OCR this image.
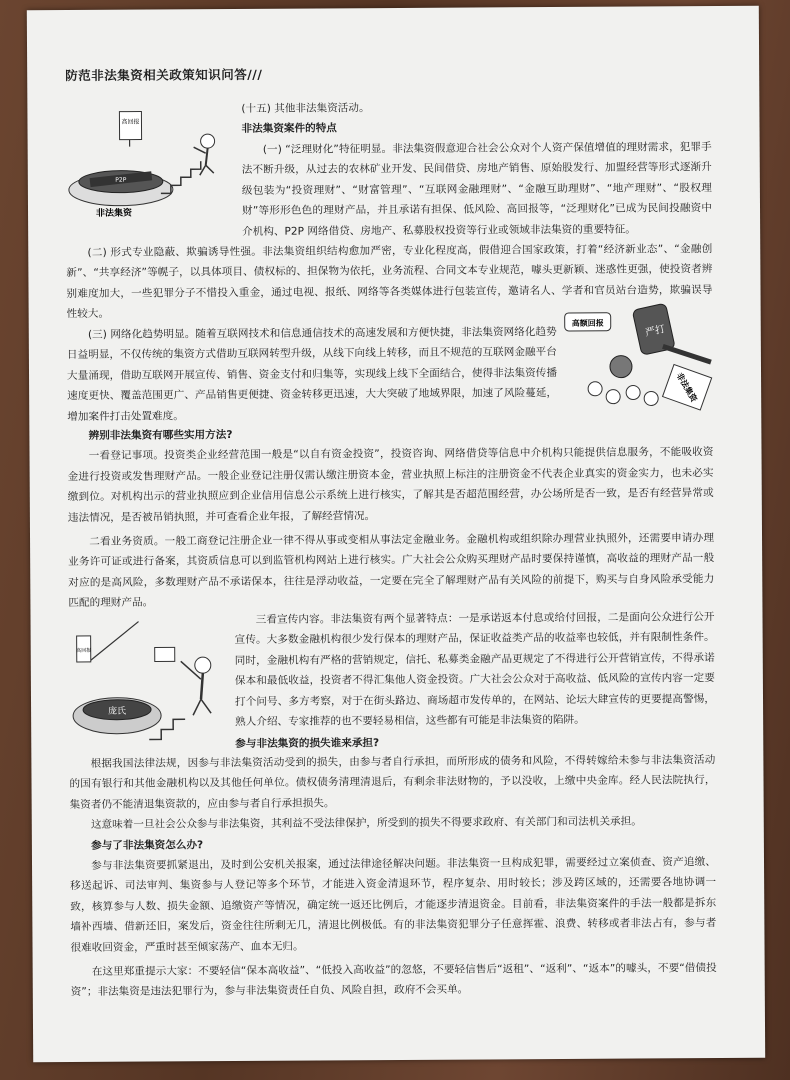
防范非法集资相关政策知识问答///
P2P
高回报
非法集资

(十五) 其他非法集资活动。

非法集资案件的特点

(一) “泛理财化”特征明显。非法集资假意迎合社会公众对个人资产保值增值的理财需求，犯罪手法不断升级，从过去的农林矿业开发、民间借贷、房地产销售、原始股发行、加盟经营等形式逐渐升级包装为“投资理财”、“财富管理”、“互联网金融理财”、“金融互助理财”、“地产理财”、“股权理财”等形形色色的理财产品，并且承诺有担保、低风险、高回报等，“泛理财化”已成为民间投融资中介机构、P2P 网络借贷、房地产、私募股权投资等行业或领域非法集资的重要特征。

(二) 形式专业隐蔽、欺骗诱导性强。非法集资组织结构愈加严密，专业化程度高，假借迎合国家政策，打着“经济新业态”、“金融创新”、“共享经济”等幌子，以具体项目、债权标的、担保物为依托，业务流程、合同文本专业规范，噱头更新颖、迷惑性更强，使投资者辨别难度加大，一些犯罪分子不惜投入重金，通过电视、报纸、网络等各类媒体进行包装宣传，邀请名人、学者和官员站台造势，欺骗误导性较大。

高额回报
严打
非法集资

(三) 网络化趋势明显。随着互联网技术和信息通信技术的高速发展和方便快捷，非法集资网络化趋势日益明显，不仅传统的集资方式借助互联网转型升级，从线下向线上转移，而且不规范的互联网金融平台大量涌现，借助互联网开展宣传、销售、资金支付和归集等，实现线上线下全面结合，使得非法集资传播速度更快、覆盖范围更广、产品销售更便捷、资金转移更迅速，大大突破了地域界限，加速了风险蔓延，增加案件打击处置难度。

辨别非法集资有哪些实用方法?

一看登记事项。投资类企业经营范围一般是“以自有资金投资”，投资咨询、网络借贷等信息中介机构只能提供信息服务，不能吸收资金进行投资或发售理财产品。一般企业登记注册仅需认缴注册资本金，营业执照上标注的注册资金不代表企业真实的资金实力，也未必实缴到位。对机构出示的营业执照应到企业信用信息公示系统上进行核实，了解其是否超范围经营，办公场所是否一致，是否有经营异常或违法情况，是否被吊销执照，并可查看企业年报，了解经营情况。

二看业务资质。一般工商登记注册企业一律不得从事或变相从事法定金融业务。金融机构或组织除办理营业执照外，还需要申请办理业务许可证或进行备案，其资质信息可以到监管机构网站上进行核实。广大社会公众购买理财产品时要保持谨慎，高收益的理财产品一般对应的是高风险，多数理财产品不承诺保本，往往是浮动收益，一定要在完全了解理财产品有关风险的前提下，购买与自身风险承受能力匹配的理财产品。

高回报
庞氏

三看宣传内容。非法集资有两个显著特点：一是承诺返本付息或给付回报，二是面向公众进行公开宣传。大多数金融机构很少发行保本的理财产品，保证收益类产品的收益率也较低，并有限制性条件。同时，金融机构有严格的营销规定，信托、私募类金融产品更规定了不得进行公开营销宣传，不得承诺保本和最低收益，投资者不得汇集他人资金投资。广大社会公众对于高收益、低风险的宣传内容一定要打个问号、多方考察，对于在街头路边、商场超市发传单的，在网站、论坛大肆宣传的更要提高警惕，熟人介绍、专家推荐的也不要轻易相信，这些都有可能是非法集资的陷阱。

参与非法集资的损失谁来承担?

根据我国法律法规，因参与非法集资活动受到的损失，由参与者自行承担，而所形成的债务和风险，不得转嫁给未参与非法集资活动的国有银行和其他金融机构以及其他任何单位。债权债务清理清退后，有剩余非法财物的，予以没收，上缴中央金库。经人民法院执行，集资者仍不能清退集资款的，应由参与者自行承担损失。

这意味着一旦社会公众参与非法集资，其利益不受法律保护，所受到的损失不得要求政府、有关部门和司法机关承担。

参与了非法集资怎么办?

参与非法集资要抓紧退出，及时到公安机关报案，通过法律途径解决问题。非法集资一旦构成犯罪，需要经过立案侦查、资产追缴、移送起诉、司法审判、集资参与人登记等多个环节，才能进入资金清退环节，程序复杂、用时较长；涉及跨区域的，还需要各地协调一致，核算参与人数、损失金额、追缴资产等情况，确定统一返还比例后，才能逐步清退资金。目前看，非法集资案件的手法一般都是拆东墙补西墙、借新还旧，案发后，资金往往所剩无几，清退比例极低。有的非法集资犯罪分子任意挥霍、浪费、转移或者非法占有，参与者很难收回资金，严重时甚至倾家荡产、血本无归。

在这里郑重提示大家：不要轻信“保本高收益”、“低投入高收益”的忽悠，不要轻信售后“返租”、“返利”、“返本”的噱头，不要“借债投资”；非法集资是违法犯罪行为，参与非法集资责任自负、风险自担，政府不会买单。
